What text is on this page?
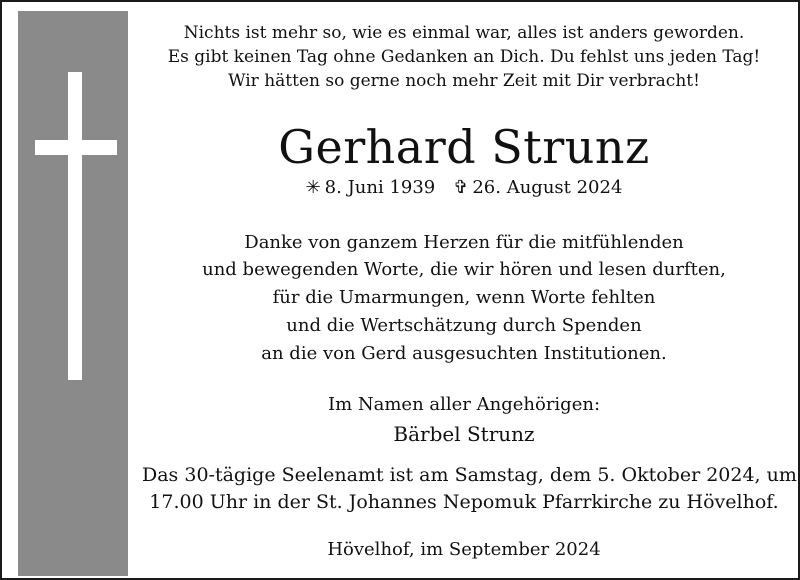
Nichts ist mehr so, wie es einmal war, alles ist anders geworden.
Es gibt keinen Tag ohne Gedanken an Dich. Du fehlst uns jeden Tag!
Wir hätten so gerne noch mehr Zeit mit Dir verbracht!
Gerhard Strunz
✳ 8. Juni 1939 ✞ 26. August 2024
Danke von ganzem Herzen für die mitfühlenden
und bewegenden Worte, die wir hören und lesen durften,
für die Umarmungen, wenn Worte fehlten
und die Wertschätzung durch Spenden
an die von Gerd ausgesuchten Institutionen.
Im Namen aller Angehörigen:
Bärbel Strunz
Das 30-tägige Seelenamt ist am Samstag, dem 5. Oktober 2024, um
17.00 Uhr in der St. Johannes Nepomuk Pfarrkirche zu Hövelhof.
Hövelhof, im September 2024
